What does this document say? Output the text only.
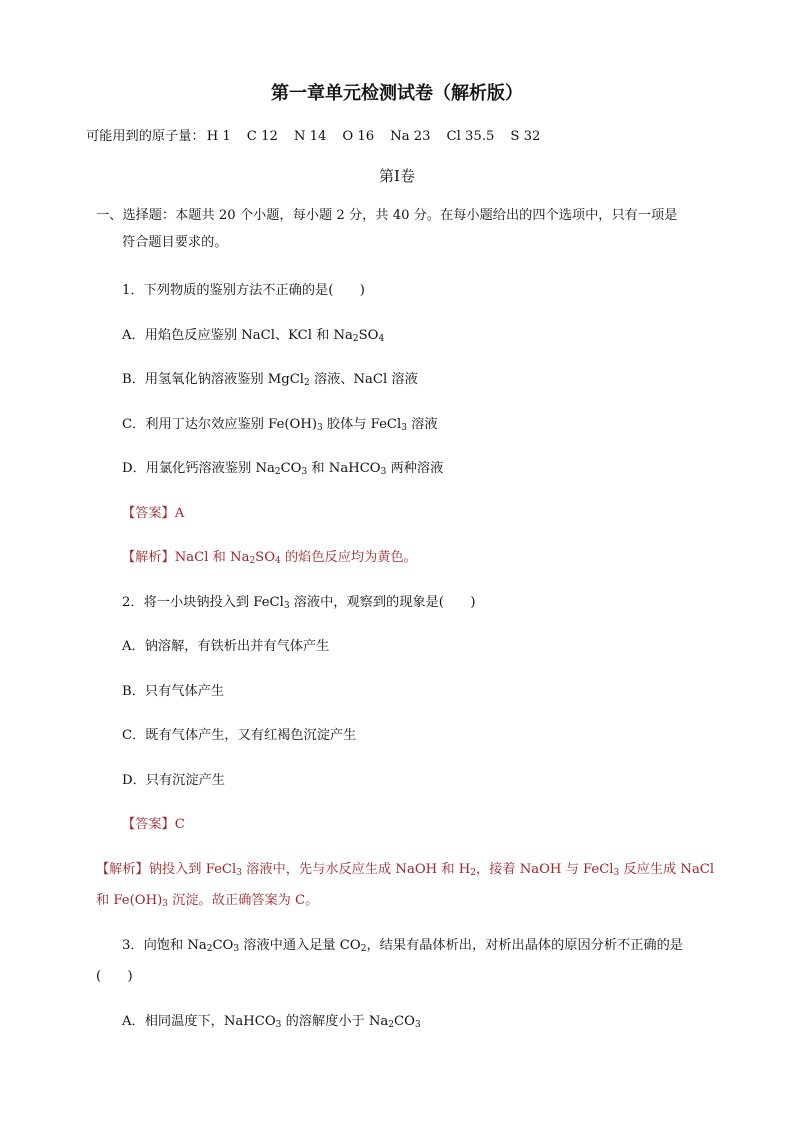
第一章单元检测试卷（解析版）
可能用到的原子量： H 1 C 12 N 14 O 16 Na 23 Cl 35.5 S 32
第Ⅰ卷
一、选择题：本题共 20 个小题，每小题 2 分，共 40 分。在每小题给出的四个选项中，只有一项是
符合题目要求的。
1．下列物质的鉴别方法不正确的是(　　)
A．用焰色反应鉴别 NaCl、KCl 和 $Na_2SO_4$
B．用氢氧化钠溶液鉴别 MgCl$_2$ 溶液、NaCl 溶液
C．利用丁达尔效应鉴别 $Fe(OH)_3$ 胶体与 FeCl$_3$ 溶液
D．用氯化钙溶液鉴别 $Na_2CO_3$ 和 NaHCO$_3$ 两种溶液
【答案】A
【解析】NaCl 和 $Na_2SO_4$ 的焰色反应均为黄色。
2．将一小块钠投入到 FeCl$_3$ 溶液中，观察到的现象是(　　)
A．钠溶解，有铁析出并有气体产生
B．只有气体产生
C．既有气体产生，又有红褐色沉淀产生
D．只有沉淀产生
【答案】C
【解析】钠投入到 FeCl$_3$ 溶液中，先与水反应生成 NaOH 和 $H_2$，接着 NaOH 与 FeCl$_3$ 反应生成 NaCl
和 $Fe(OH)_3$ 沉淀。故正确答案为 C。
3．向饱和 $Na_2CO_3$ 溶液中通入足量 $CO_2$，结果有晶体析出，对析出晶体的原因分析不正确的是
(　　)
A．相同温度下，NaHCO$_3$ 的溶解度小于 $Na_2CO_3$
